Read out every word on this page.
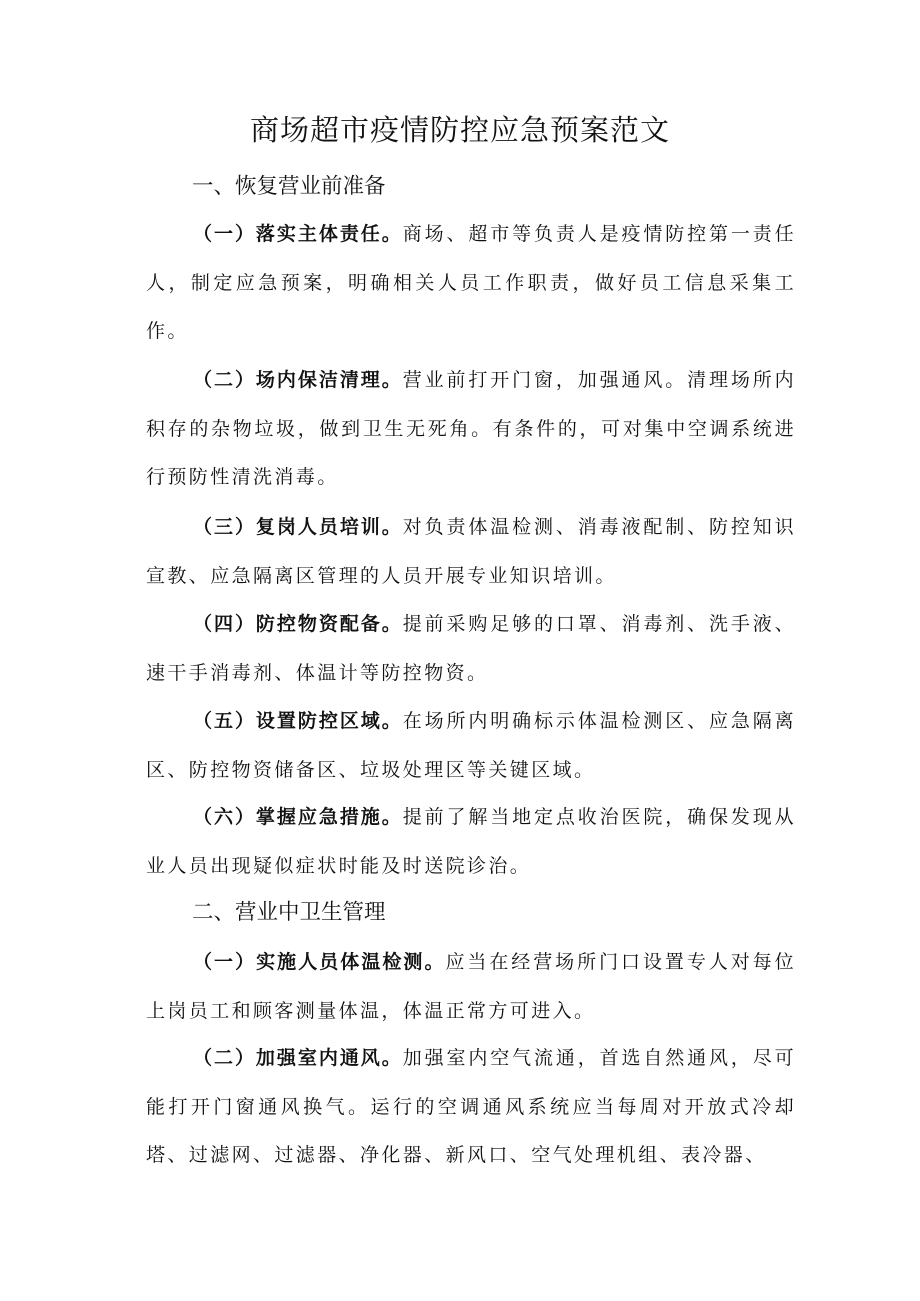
商场超市疫情防控应急预案范文
一、恢复营业前准备

（一）落实主体责任。商场、超市等负责人是疫情防控第一责任人，制定应急预案，明确相关人员工作职责，做好员工信息采集工作。

（二）场内保洁清理。营业前打开门窗，加强通风。清理场所内积存的杂物垃圾，做到卫生无死角。有条件的，可对集中空调系统进行预防性清洗消毒。

（三）复岗人员培训。对负责体温检测、消毒液配制、防控知识宣教、应急隔离区管理的人员开展专业知识培训。

（四）防控物资配备。提前采购足够的口罩、消毒剂、洗手液、速干手消毒剂、体温计等防控物资。

（五）设置防控区域。在场所内明确标示体温检测区、应急隔离区、防控物资储备区、垃圾处理区等关键区域。

（六）掌握应急措施。提前了解当地定点收治医院，确保发现从业人员出现疑似症状时能及时送院诊治。

二、营业中卫生管理

（一）实施人员体温检测。应当在经营场所门口设置专人对每位上岗员工和顾客测量体温，体温正常方可进入。

（二）加强室内通风。加强室内空气流通，首选自然通风，尽可能打开门窗通风换气。运行的空调通风系统应当每周对开放式冷却塔、过滤网、过滤器、净化器、新风口、空气处理机组、表冷器、
